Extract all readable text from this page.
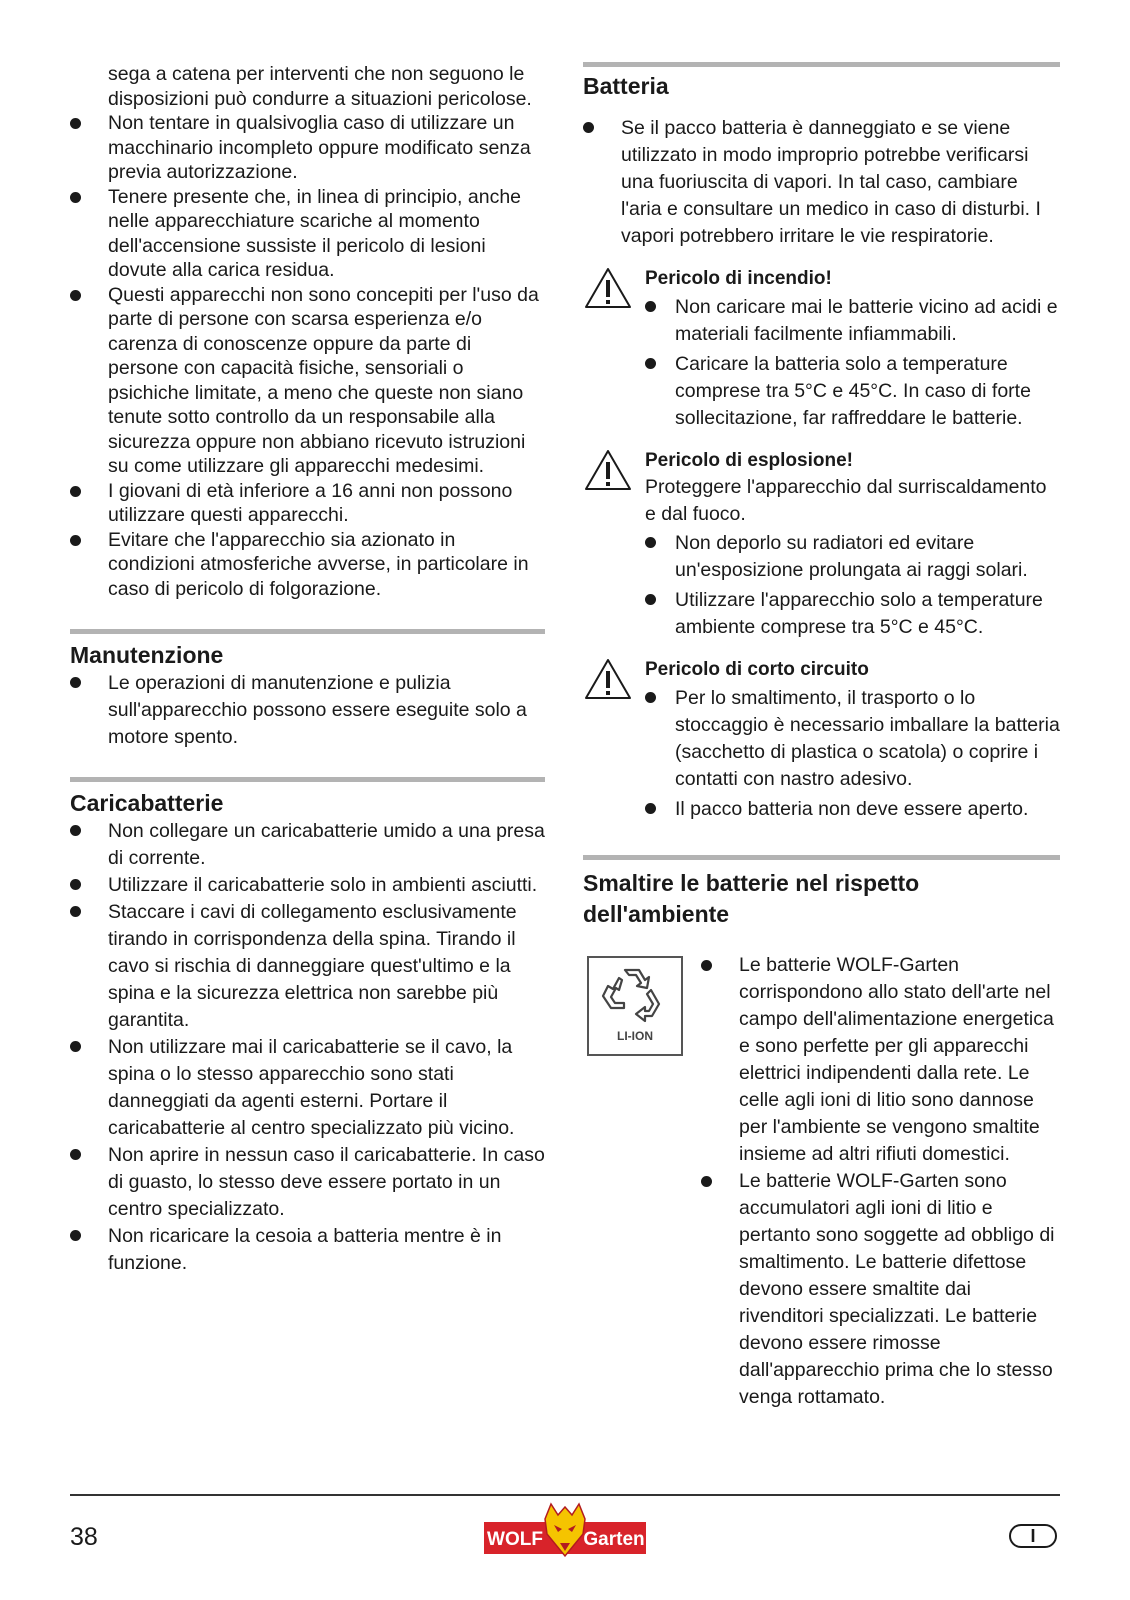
sega a catena per interventi che non seguono le disposizioni può condurre a situazioni pericolose.
Non tentare in qualsivoglia caso di utilizzare un macchinario incompleto oppure modificato senza previa autorizzazione.
Tenere presente che, in linea di principio, anche nelle apparecchiature scariche al momento dell'accensione sussiste il pericolo di lesioni dovute alla carica residua.
Questi apparecchi non sono concepiti per l'uso da parte di persone con scarsa esperienza e/o carenza di conoscenze oppure da parte di persone con capacità fisiche, sensoriali o psichiche limitate, a meno che queste non siano tenute sotto controllo da un responsabile alla sicurezza oppure non abbiano ricevuto istruzioni su come utilizzare gli apparecchi medesimi.
I giovani di età inferiore a 16 anni non possono utilizzare questi apparecchi.
Evitare che l'apparecchio sia azionato in condizioni atmosferiche avverse, in particolare in caso di pericolo di folgorazione.
Manutenzione
Le operazioni di manutenzione e pulizia sull'apparecchio possono essere eseguite solo a motore spento.
Caricabatterie
Non collegare un caricabatterie umido a una presa di corrente.
Utilizzare il caricabatterie solo in ambienti asciutti.
Staccare i cavi di collegamento esclusivamente tirando in corrispondenza della spina. Tirando il cavo si rischia di danneggiare quest'ultimo e la spina e la sicurezza elettrica non sarebbe più garantita.
Non utilizzare mai il caricabatterie se il cavo, la spina o lo stesso apparecchio sono stati danneggiati da agenti esterni. Portare il caricabatterie al centro specializzato più vicino.
Non aprire in nessun caso il caricabatterie. In caso di guasto, lo stesso deve essere portato in un centro specializzato.
Non ricaricare la cesoia a batteria mentre è in funzione.
Batteria
Se il pacco batteria è danneggiato e se viene utilizzato in modo improprio potrebbe verificarsi una fuoriuscita di vapori. In tal caso, cambiare l'aria e consultare un medico in caso di disturbi. I vapori potrebbero irritare le vie respiratorie.
Pericolo di incendio!
Non caricare mai le batterie vicino ad acidi e materiali facilmente infiammabili.
Caricare la batteria solo a temperature comprese tra 5°C e 45°C. In caso di forte sollecitazione, far raffreddare le batterie.
Pericolo di esplosione!
Proteggere l'apparecchio dal surriscaldamento e dal fuoco.
Non deporlo su radiatori ed evitare un'esposizione prolungata ai raggi solari.
Utilizzare l'apparecchio solo a temperature ambiente comprese tra 5°C e 45°C.
Pericolo di corto circuito
Per lo smaltimento, il trasporto o lo stoccaggio è necessario imballare la batteria (sacchetto di plastica o scatola) o coprire i contatti con nastro adesivo.
Il pacco batteria non deve essere aperto.
Smaltire le batterie nel rispetto dell'ambiente
LI-ION
Le batterie WOLF-Garten corrispondono allo stato dell'arte nel campo dell'alimentazione energetica e sono perfette per gli apparecchi elettrici indipendenti dalla rete. Le celle agli ioni di litio sono dannose per l'ambiente se vengono smaltite insieme ad altri rifiuti domestici.
Le batterie WOLF-Garten sono accumulatori agli ioni di litio e pertanto sono soggette ad obbligo di smaltimento. Le batterie difettose devono essere smaltite dai rivenditori specializzati. Le batterie devono essere rimosse dall'apparecchio prima che lo stesso venga rottamato.
38	WOLF Garten	I
